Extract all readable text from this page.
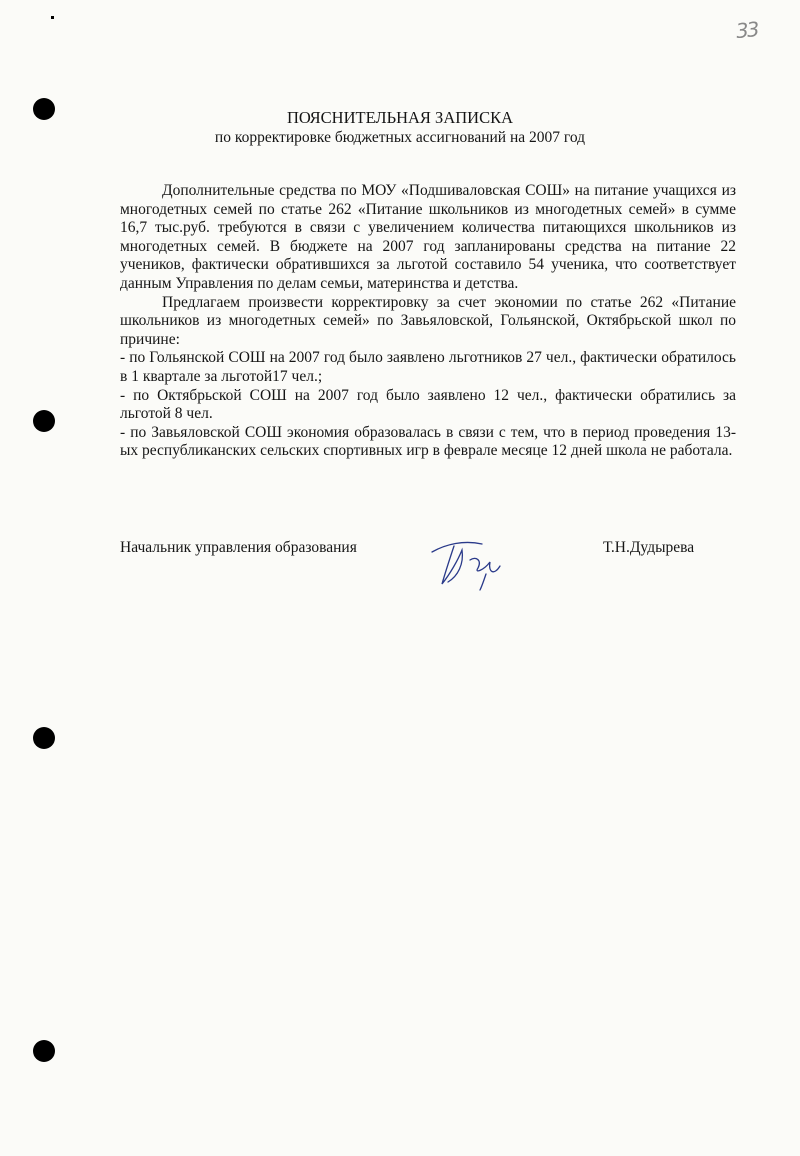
33
ПОЯСНИТЕЛЬНАЯ ЗАПИСКА
по корректировке бюджетных ассигнований на 2007 год

Дополнительные средства по МОУ «Подшиваловская СОШ» на питание учащихся из многодетных семей по статье 262 «Питание школьников из многодетных семей» в сумме 16,7 тыс.руб. требуются в связи с увеличением количества питающихся школьников из многодетных семей. В бюджете на 2007 год запланированы средства на питание 22 учеников, фактически обратившихся за льготой составило 54 ученика, что соответствует данным Управления по делам семьи, материнства и детства.

Предлагаем произвести корректировку за счет экономии по статье 262 «Питание школьников из многодетных семей» по Завьяловской, Гольянской, Октябрьской школ по причине:

- по Гольянской СОШ на 2007 год было заявлено льготников 27 чел., фактически обратилось в 1 квартале за льготой17 чел.;

- по Октябрьской СОШ на 2007 год было заявлено 12 чел., фактически обратились за льготой 8 чел.

- по Завьяловской СОШ экономия образовалась в связи с тем, что в период проведения 13-ых республиканских сельских спортивных игр в феврале месяце 12 дней школа не работала.

Начальник управления образования	Т.Н.Дудырева
